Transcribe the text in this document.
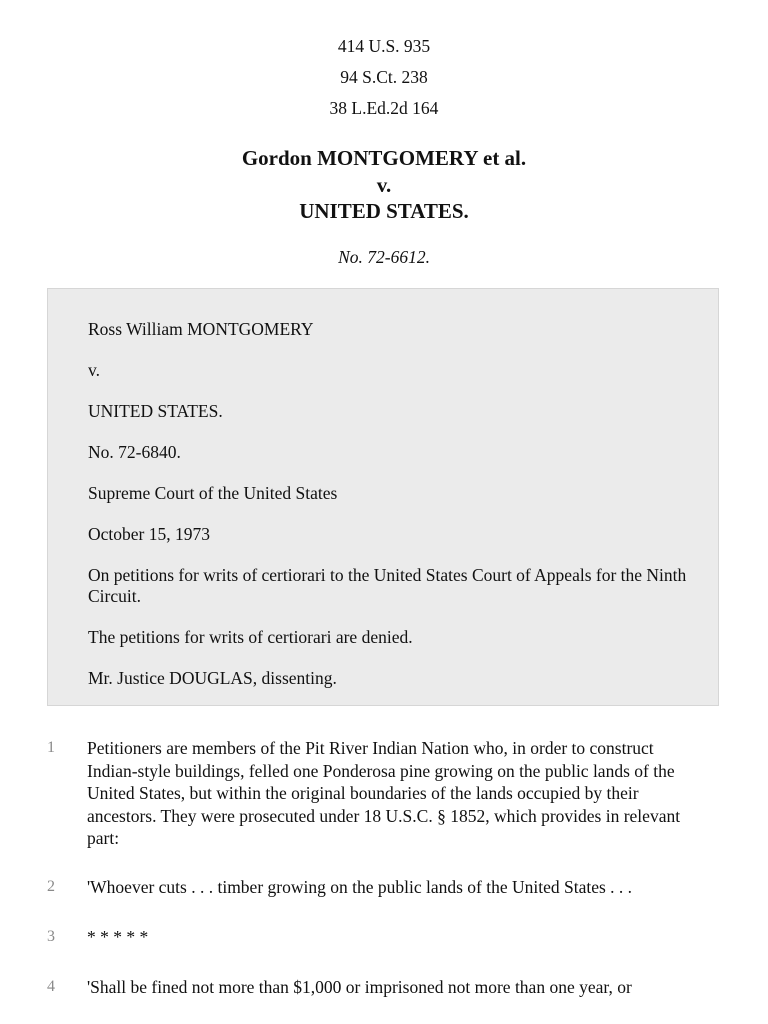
414 U.S. 935
94 S.Ct. 238
38 L.Ed.2d 164
Gordon MONTGOMERY et al.
v.
UNITED STATES.
No. 72-6612.

Ross William MONTGOMERY

v.

UNITED STATES.

No. 72-6840.

Supreme Court of the United States

October 15, 1973

On petitions for writs of certiorari to the United States Court of Appeals for the Ninth Circuit.

The petitions for writs of certiorari are denied.

Mr. Justice DOUGLAS, dissenting.

1 Petitioners are members of the Pit River Indian Nation who, in order to construct Indian-style buildings, felled one Ponderosa pine growing on the public lands of the United States, but within the original boundaries of the lands occupied by their ancestors. They were prosecuted under 18 U.S.C. § 1852, which provides in relevant part:

2 'Whoever cuts . . . timber growing on the public lands of the United States . . .

3 * * * * *

4 'Shall be fined not more than $1,000 or imprisoned not more than one year, or
